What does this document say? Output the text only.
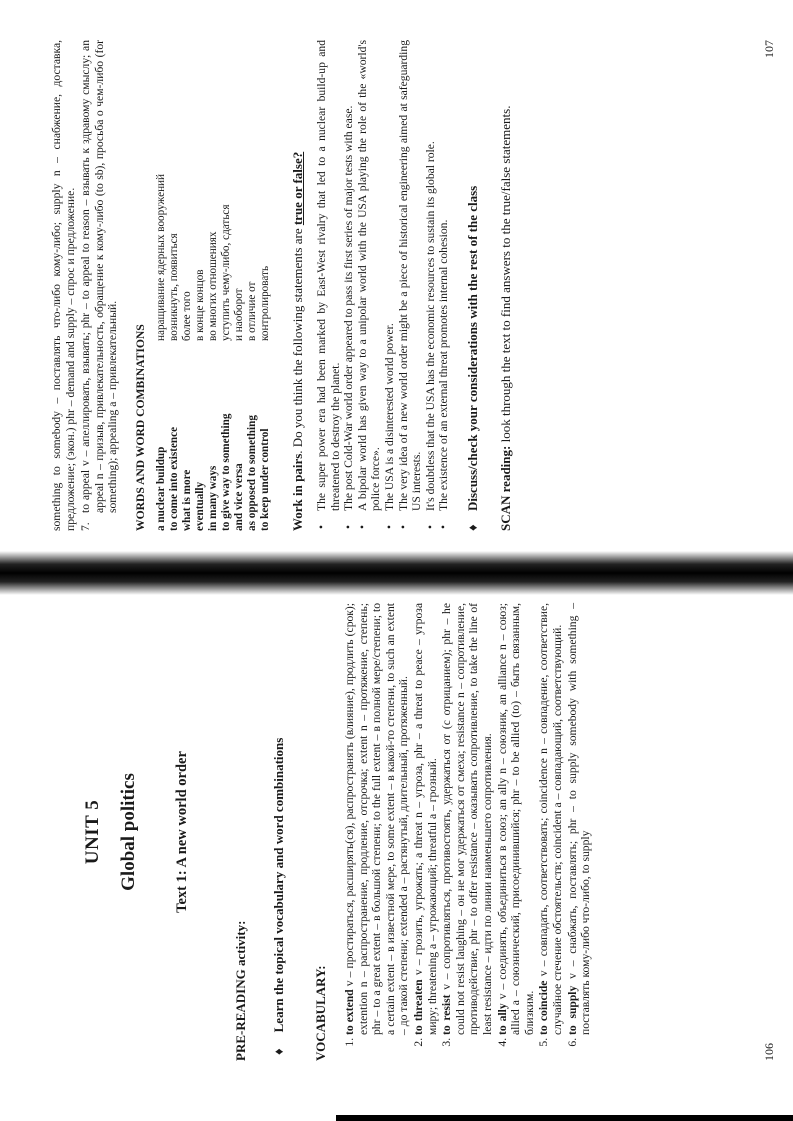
UNIT 5 Global politics Text 1: A new world order
PRE-READING activity: ♦Learn the topical vocabulary and word combinations VOCABULARY: 1. to extend v – простираться, расширять(ся), распространять (влияние), продлить (срок); extention n – распространение, продление, отсрочка; extent n – протяжение, степень; phr – to a great extent – в большой степени; to the full extent – в полной мере/степени; to a certain extent – в известной мере, to some extent – в какой-то степени, to such an extent – до такой степени; extended a – растянутый, длительный, протяженный. 2. to threaten v – грозить, угрожать; a threat n – угроза, phr – a threat to peace – угроза миру; threatening a – угрожающий; threatful a – грозный. 3. to resist v – сопротивляться, противостоять, удержаться от (с отрицанием); phr – he could not resist laughing – он не мог удержаться от смеха; resistance n – сопротивление, противодействие, phr – to offer resistance – оказывать сопротивление, to take the line of least resistance – идти по линии наименьшего сопротивления. 4. to ally v – соединять, объединиться в союз; an ally n – союзник, an alliance n – союз; allied a – союзнический, присоединившийся; phr – to be allied (to) – быть связанным, близким. 5. to coincide v – совпадать, соответствовать; coincidence n – совпадение, соответствие, случайное стечение обстоятельств; coincident a – совпадающий, соответствующий. 6. to supply v – снабжать, поставлять; phr – to supply somebody with something – поставлять кому-либо что-либо, to supply
106

something to somebody – поставлять что-либо кому-либо; supply n – снабжение, доставка, предложение; (экон.) phr – demand and supply – спрос и предложение. 7.
to appeal v – апеллировать, взывать; phr – to appeal to reason – взывать к здравому смыслу; an appeal n – призыв, привлекательность, обращение к кому-либо (to sb), просьба о чем-либо (for something); appealing a – привлекательный. WORDS AND WORD COMBINATIONS a nuclear buildup	наращивание ядерных вооружений
to come into existence	возникнуть, появиться
what is more	более того
eventually	в конце концов
in many ways	во многих отношениях
to give way to something	уступить чему-либо, сдаться
and vice versa	и наоборот
as opposed to something	в отличие от
to keep under control	контролировать

Work in pairs. Do you think the following statements are true or false? • The super power era had been marked by East-West rivalry that led to a nuclear build-up and threatened to destroy the planet. • The post Cold-War world order appeared to pass its first series of major tests with ease. • A bipolar world has given way to a unipolar world with the USA playing the role of the «world's police force». • The USA is a disinterested world power. • The very idea of a new world order might be a piece of historical engineering aimed at safeguarding US interests. • It's doubtless that the USA has the economic resources to sustain its global role. • The existence of an external threat promotes internal cohesion.
♦
Discuss/check your considerations with the rest of the class SCAN reading: look through the text to find answers to the true/false statements.

107
